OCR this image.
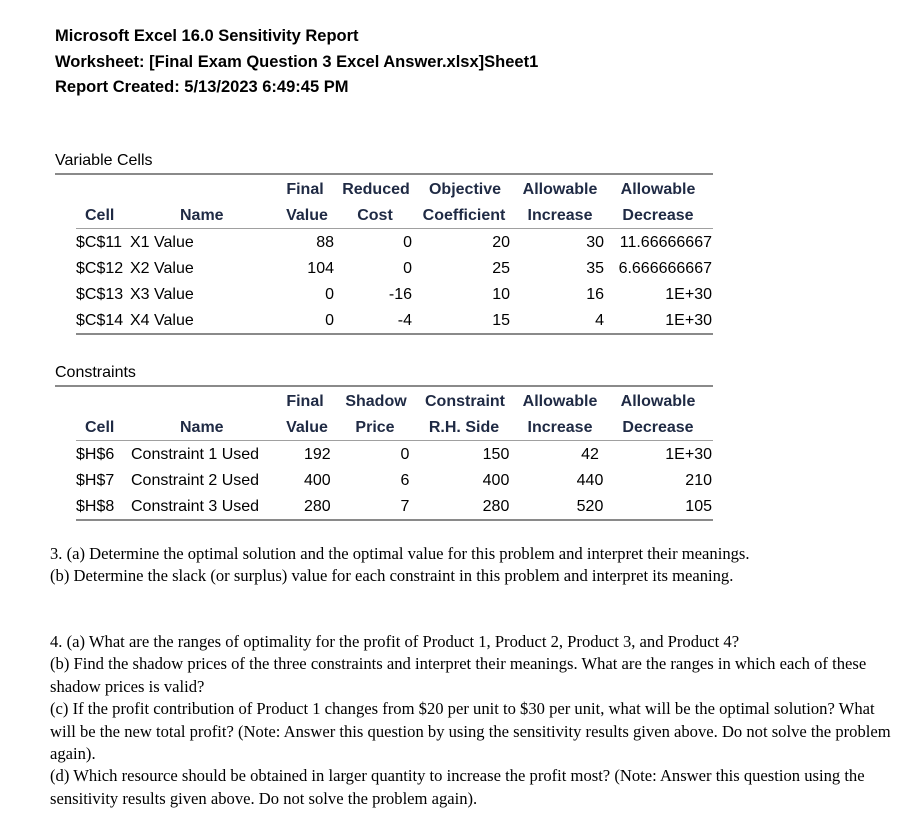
Microsoft Excel 16.0 Sensitivity Report
Worksheet: [Final Exam Question 3 Excel Answer.xlsx]Sheet1
Report Created: 5/13/2023 6:49:45 PM
Variable Cells
Final	Reduced	Objective	Allowable	Allowable
Cell	Name	Value	Cost	Coefficient	Increase	Decrease
$C$11 X1 Value	88	0	20	30 11.66666667
$C$12 X2 Value	104	0	25	35 6.666666667
$C$13 X3 Value	0	-16	10	16	1E+30
$C$14 X4 Value	0	-4	15	4	1E+30
Constraints
Final	Shadow	Constraint	Allowable	Allowable
Cell	Name	Value	Price	R.H. Side	Increase	Decrease
$H$6 Constraint 1 Used	192	0	150	42	1E+30
$H$7 Constraint 2 Used	400	6	400	440	210
$H$8 Constraint 3 Used	280	7	280	520	105

3. (a) Determine the optimal solution and the optimal value for this problem and interpret their meanings.

(b) Determine the slack (or surplus) value for each constraint in this problem and interpret its meaning.

4. (a) What are the ranges of optimality for the profit of Product 1, Product 2, Product 3, and Product 4?

(b) Find the shadow prices of the three constraints and interpret their meanings. What are the ranges in which each of these shadow prices is valid?

(c) If the profit contribution of Product 1 changes from $20 per unit to $30 per unit, what will be the optimal solution? What will be the new total profit? (Note: Answer this question by using the sensitivity results given above. Do not solve the problem again).

(d) Which resource should be obtained in larger quantity to increase the profit most? (Note: Answer this question using the sensitivity results given above. Do not solve the problem again).
